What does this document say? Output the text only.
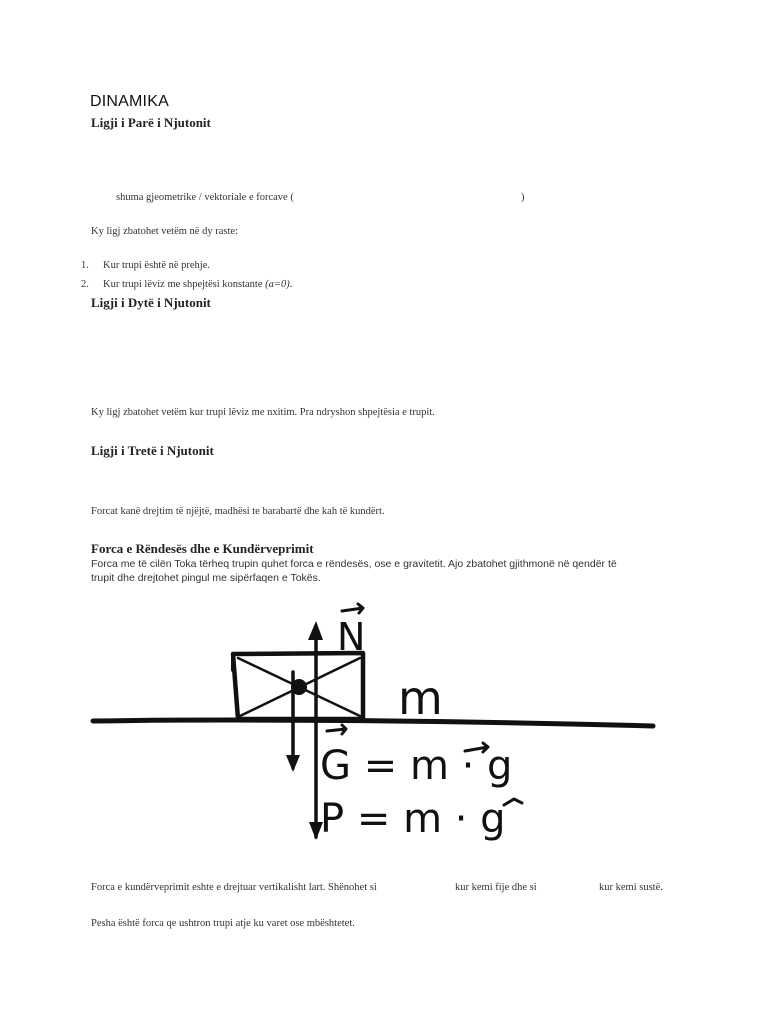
DINAMIKA
Ligji i Parë i Njutonit
shuma gjeometrike / vektoriale e forcave (	)
Ky ligj zbatohet vetëm në dy raste:
1. Kur trupi është në prehje.
2. Kur trupi lëviz me shpejtësi konstante (a=0).
Ligji i Dytë i Njutonit
Ky ligj zbatohet vetëm kur trupi lëviz me nxitim. Pra ndryshon shpejtësia e trupit.
Ligji i Tretë i Njutonit
Forcat kanë drejtim të njëjtë, madhësi te barabartë dhe kah të kundërt.
Forca e Rëndesës dhe e Kundërveprimit
Forca me të cilën Toka tërheq trupin quhet forca e rëndesës, ose e gravitetit. Ajo zbatohet gjithmonë në qendër të
trupit dhe drejtohet pingul me sipërfaqen e Tokës.
N
m
G = m · g
P = m · g
Forca e kundërveprimit eshte e drejtuar vertikalisht lart. Shënohet si	kur kemi fije dhe si	kur kemi sustë.
Pesha është forca qe ushtron trupi atje ku varet ose mbështetet.
